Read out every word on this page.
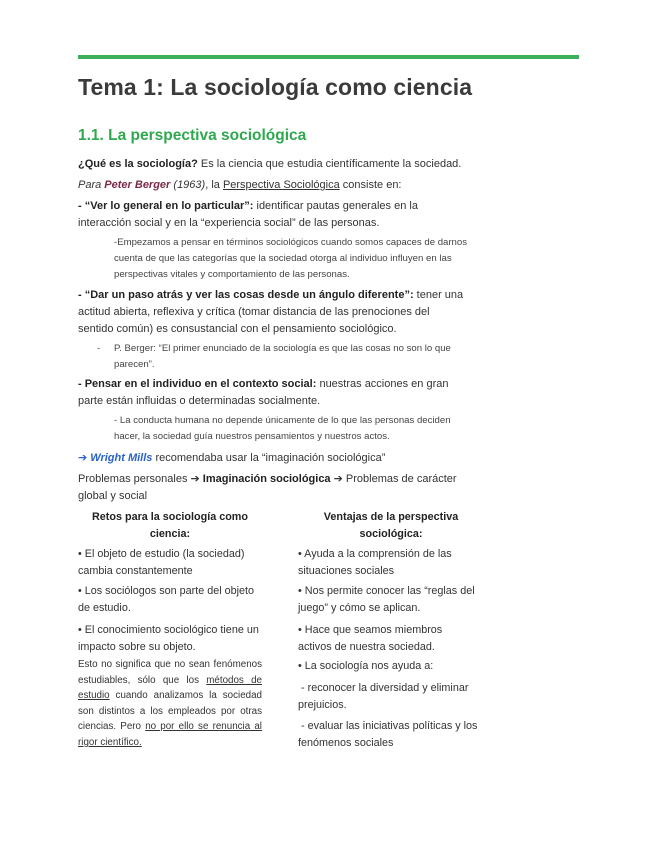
Tema 1: La sociología como ciencia
1.1. La perspectiva sociológica
¿Qué es la sociología? Es la ciencia que estudia científicamente la sociedad.
Para Peter Berger (1963), la Perspectiva Sociológica consiste en:
- “Ver lo general en lo particular”: identificar pautas generales en la interacción social y en la “experiencia social” de las personas.
-Empezamos a pensar en términos sociológicos cuando somos capaces de darnos cuenta de que las categorías que la sociedad otorga al individuo influyen en las perspectivas vitales y comportamiento de las personas.
- “Dar un paso atrás y ver las cosas desde un ángulo diferente”: tener una actitud abierta, reflexiva y crítica (tomar distancia de las prenociones del sentido común) es consustancial con el pensamiento sociológico.
- P. Berger: “El primer enunciado de la sociología es que las cosas no son lo que parecen”.
- Pensar en el individuo en el contexto social: nuestras acciones en gran parte están influidas o determinadas socialmente.
- La conducta humana no depende únicamente de lo que las personas deciden hacer, la sociedad guía nuestros pensamientos y nuestros actos.
➔ Wright Mills recomendaba usar la “imaginación sociológica”
Problemas personales ➔ Imaginación sociológica ➔ Problemas de carácter global y social
Retos para la sociología como ciencia:
• El objeto de estudio (la sociedad) cambia constantemente
• Los sociólogos son parte del objeto de estudio.
• El conocimiento sociológico tiene un impacto sobre su objeto.
Esto no significa que no sean fenómenos estudiables, sólo que los métodos de estudio cuando analizamos la sociedad son distintos a los empleados por otras ciencias. Pero no por ello se renuncia al rigor científico.
Ventajas de la perspectiva sociológica:
• Ayuda a la comprensión de las situaciones sociales
• Nos permite conocer las “reglas del juego” y cómo se aplican.
• Hace que seamos miembros activos de nuestra sociedad.
• La sociología nos ayuda a:
- reconocer la diversidad y eliminar prejuicios.
- evaluar las iniciativas políticas y los fenómenos sociales
